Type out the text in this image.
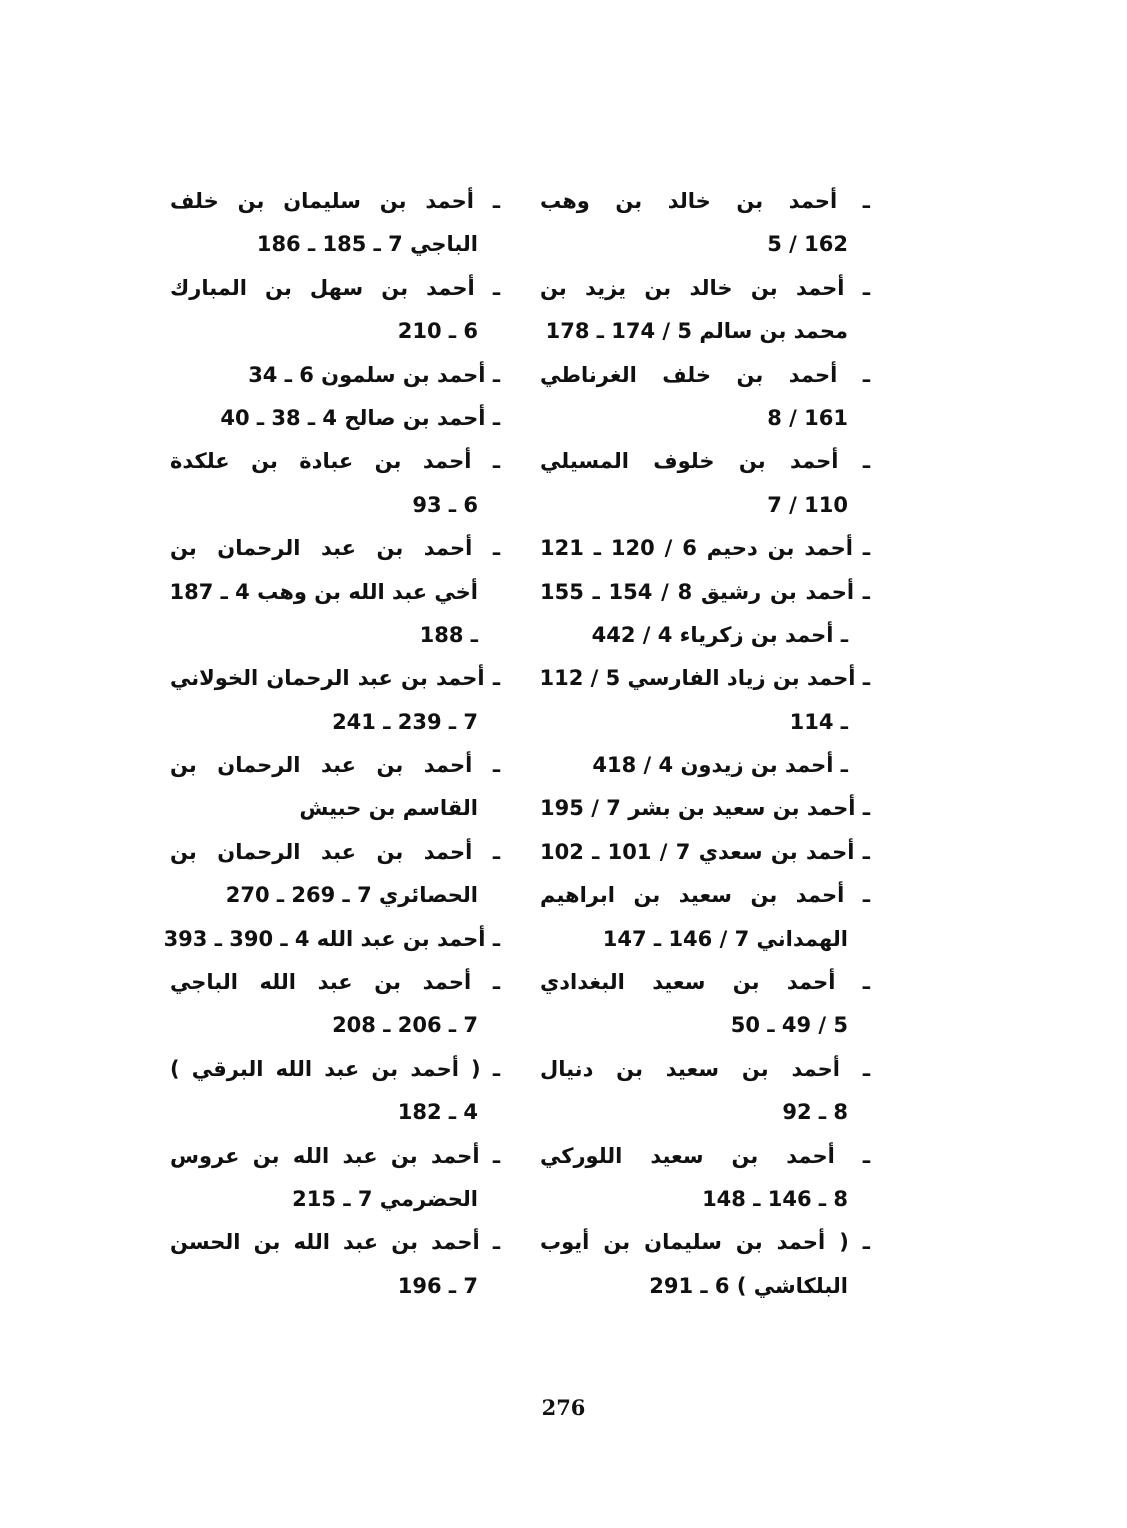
ـ أحمد بن خالد بن وهب
162 / 5
ـ أحمد بن خالد بن يزيد بن
محمد بن سالم 5 / 174 ـ 178
ـ أحمد بن خلف الغرناطي
161 / 8
ـ أحمد بن خلوف المسيلي
110 / 7
ـ أحمد بن دحيم 6 / 120 ـ 121
ـ أحمد بن رشيق 8 / 154 ـ 155
ـ أحمد بن زكرياء 4 / 442
ـ أحمد بن زياد الفارسي 5 / 112
ـ 114
ـ أحمد بن زيدون 4 / 418
ـ أحمد بن سعيد بن بشر 7 / 195
ـ أحمد بن سعدي 7 / 101 ـ 102
ـ أحمد بن سعيد بن ابراهيم
الهمداني 7 / 146 ـ 147
ـ أحمد بن سعيد البغدادي
5 / 49 ـ 50
ـ أحمد بن سعيد بن دنيال
8 ـ 92
ـ أحمد بن سعيد اللوركي
8 ـ 146 ـ 148
ـ ( أحمد بن سليمان بن أيوب
البلكاشي ) 6 ـ 291
ـ أحمد بن سليمان بن خلف
الباجي 7 ـ 185 ـ 186
ـ أحمد بن سهل بن المبارك
6 ـ 210
ـ أحمد بن سلمون 6 ـ 34
ـ أحمد بن صالح 4 ـ 38 ـ 40
ـ أحمد بن عبادة بن علكدة
6 ـ 93
ـ أحمد بن عبد الرحمان بن
أخي عبد الله بن وهب 4 ـ 187
ـ 188
ـ أحمد بن عبد الرحمان الخولاني
7 ـ 239 ـ 241
ـ أحمد بن عبد الرحمان بن
القاسم بن حبيش
ـ أحمد بن عبد الرحمان بن
الحصائري 7 ـ 269 ـ 270
ـ أحمد بن عبد الله 4 ـ 390 ـ 393
ـ أحمد بن عبد الله الباجي
7 ـ 206 ـ 208
ـ ( أحمد بن عبد الله البرقي )
4 ـ 182
ـ أحمد بن عبد الله بن عروس
الحضرمي 7 ـ 215
ـ أحمد بن عبد الله بن الحسن
7 ـ 196
276
